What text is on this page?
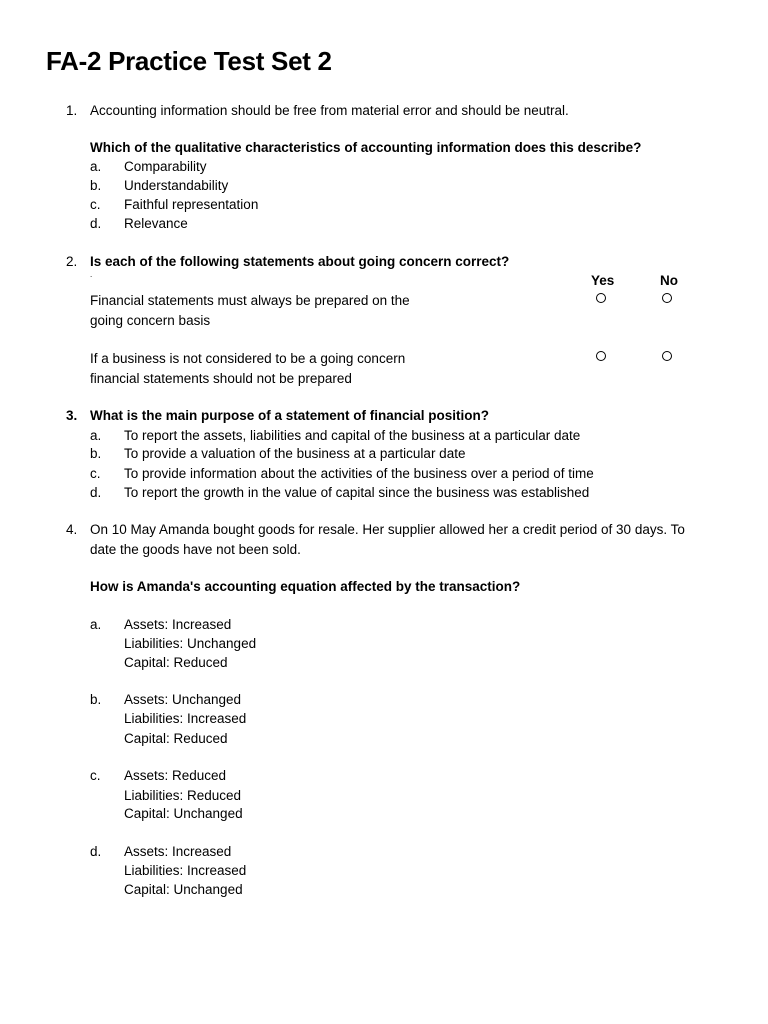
FA-2 Practice Test Set 2
1. Accounting information should be free from material error and should be neutral.
Which of the qualitative characteristics of accounting information does this describe?
a. Comparability
b. Understandability
c. Faithful representation
d. Relevance
2. Is each of the following statements about going concern correct?
.	Yes	No
Financial statements must always be prepared on the
going concern basis
If a business is not considered to be a going concern
financial statements should not be prepared
3. What is the main purpose of a statement of financial position?
a. To report the assets, liabilities and capital of the business at a particular date
b. To provide a valuation of the business at a particular date
c. To provide information about the activities of the business over a period of time
d. To report the growth in the value of capital since the business was established
4. On 10 May Amanda bought goods for resale. Her supplier allowed her a credit period of 30 days. To
date the goods have not been sold.
How is Amanda's accounting equation affected by the transaction?
a. Assets: Increased
Liabilities: Unchanged
Capital: Reduced
b. Assets: Unchanged
Liabilities: Increased
Capital: Reduced
c. Assets: Reduced
Liabilities: Reduced
Capital: Unchanged
d. Assets: Increased
Liabilities: Increased
Capital: Unchanged
